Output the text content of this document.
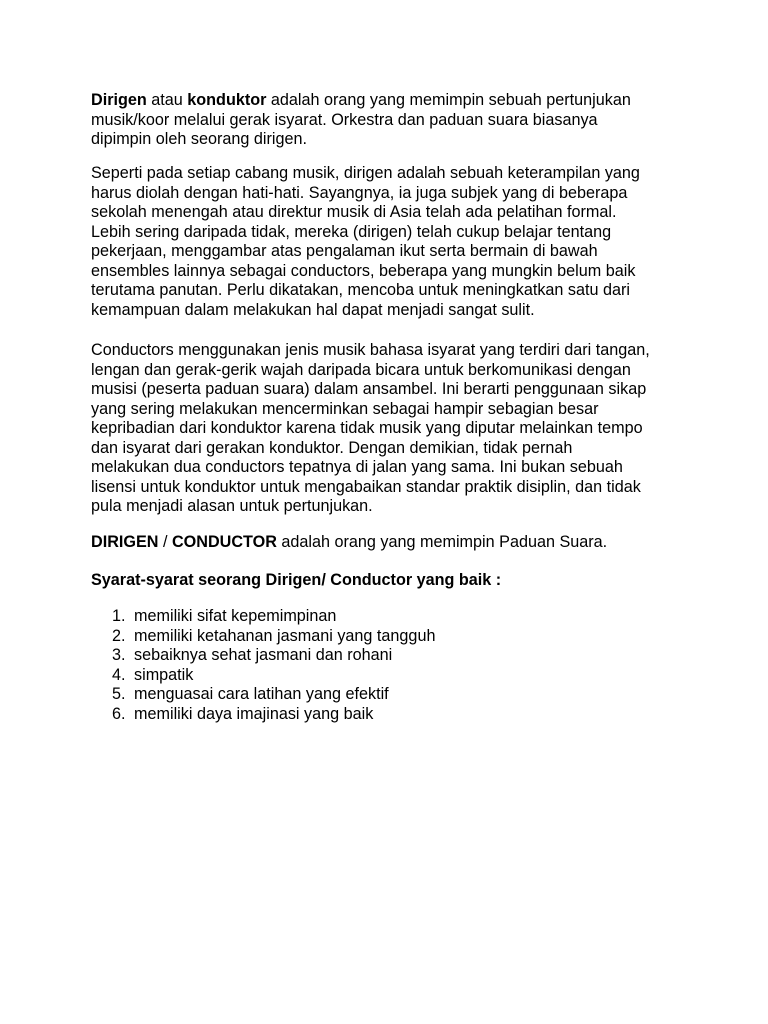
Dirigen atau konduktor adalah orang yang memimpin sebuah pertunjukan
musik/koor melalui gerak isyarat. Orkestra dan paduan suara biasanya
dipimpin oleh seorang dirigen.

Seperti pada setiap cabang musik, dirigen adalah sebuah keterampilan yang
harus diolah dengan hati-hati. Sayangnya, ia juga subjek yang di beberapa
sekolah menengah atau direktur musik di Asia telah ada pelatihan formal.
Lebih sering daripada tidak, mereka (dirigen) telah cukup belajar tentang
pekerjaan, menggambar atas pengalaman ikut serta bermain di bawah
ensembles lainnya sebagai conductors, beberapa yang mungkin belum baik
terutama panutan. Perlu dikatakan, mencoba untuk meningkatkan satu dari
kemampuan dalam melakukan hal dapat menjadi sangat sulit.

Conductors menggunakan jenis musik bahasa isyarat yang terdiri dari tangan,
lengan dan gerak-gerik wajah daripada bicara untuk berkomunikasi dengan
musisi (peserta paduan suara) dalam ansambel. Ini berarti penggunaan sikap
yang sering melakukan mencerminkan sebagai hampir sebagian besar
kepribadian dari konduktor karena tidak musik yang diputar melainkan tempo
dan isyarat dari gerakan konduktor. Dengan demikian, tidak pernah
melakukan dua conductors tepatnya di jalan yang sama. Ini bukan sebuah
lisensi untuk konduktor untuk mengabaikan standar praktik disiplin, dan tidak
pula menjadi alasan untuk pertunjukan.

DIRIGEN / CONDUCTOR adalah orang yang memimpin Paduan Suara.

Syarat-syarat seorang Dirigen/ Conductor yang baik :

1. memiliki sifat kepemimpinan
2. memiliki ketahanan jasmani yang tangguh
3. sebaiknya sehat jasmani dan rohani
4. simpatik
5. menguasai cara latihan yang efektif
6. memiliki daya imajinasi yang baik
